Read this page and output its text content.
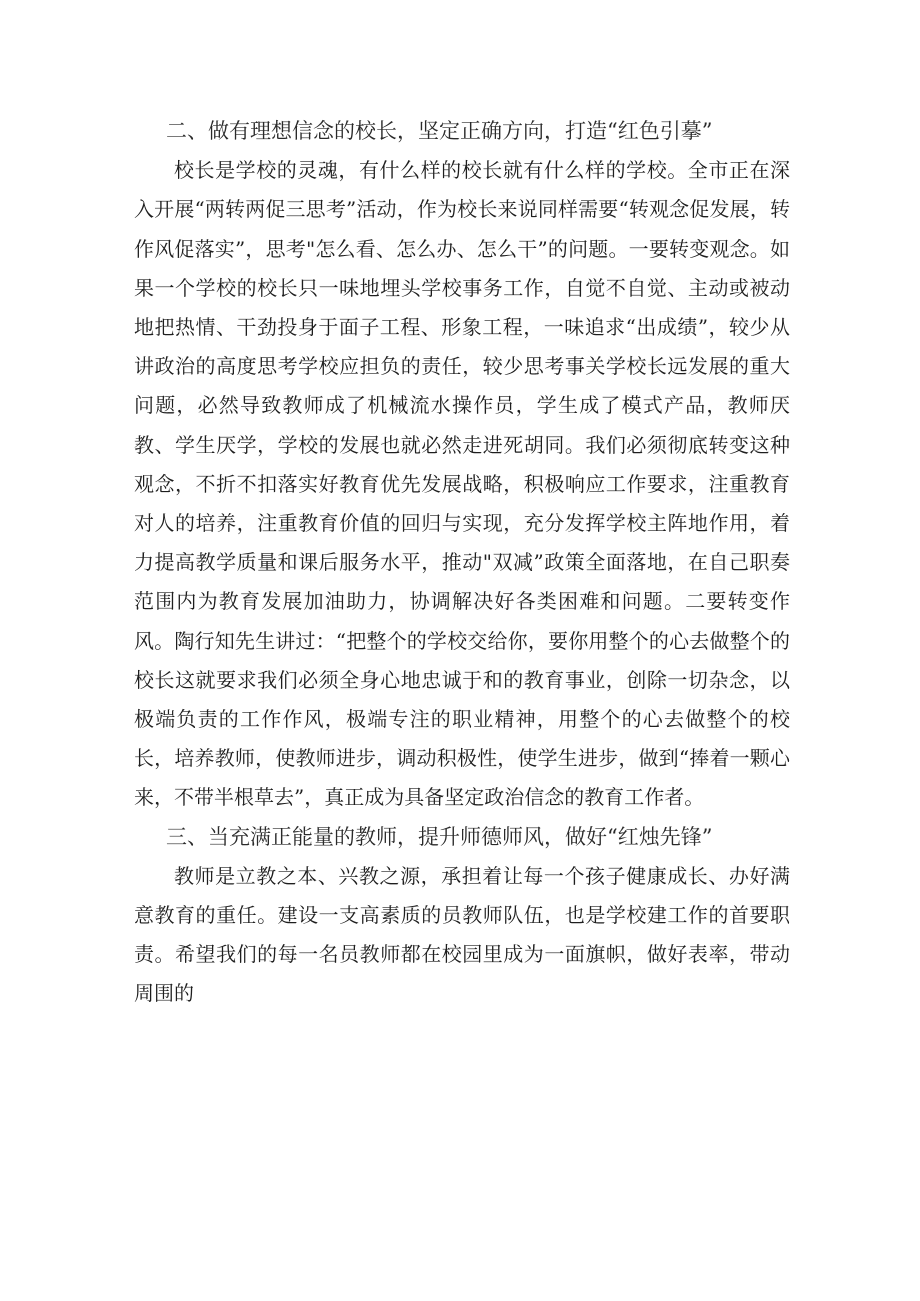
二、做有理想信念的校长，坚定正确方向，打造“红色引摹”

校长是学校的灵魂，有什么样的校长就有什么样的学校。全市正在深入开展“两转两促三思考”活动，作为校长来说同样需要“转观念促发展，转作风促落实”，思考"怎么看、怎么办、怎么干”的问题。一要转变观念。如果一个学校的校长只一味地埋头学校事务工作，自觉不自觉、主动或被动地把热情、干劲投身于面子工程、形象工程，一味追求“出成绩”，较少从讲政治的高度思考学校应担负的责任，较少思考事关学校长远发展的重大问题，必然导致教师成了机械流水操作员，学生成了模式产品，教师厌教、学生厌学，学校的发展也就必然走进死胡同。我们必须彻底转变这种观念，不折不扣落实好教育优先发展战略，积极响应工作要求，注重教育对人的培养，注重教育价值的回归与实现，充分发挥学校主阵地作用，着力提高教学质量和课后服务水平，推动"双减”政策全面落地，在自己职奏范围内为教育发展加油助力，协调解决好各类困难和问题。二要转变作风。陶行知先生讲过：“把整个的学校交给你，要你用整个的心去做整个的校长这就要求我们必须全身心地忠诚于和的教育事业，创除一切杂念，以极端负责的工作作风，极端专注的职业精神，用整个的心去做整个的校长，培养教师，使教师进步，调动积极性，使学生进步，做到“捧着一颗心来，不带半根草去”，真正成为具备坚定政治信念的教育工作者。

三、当充满正能量的教师，提升师德师风，做好“红烛先锋”

教师是立教之本、兴教之源，承担着让每一个孩子健康成长、办好满意教育的重任。建设一支高素质的员教师队伍，也是学校建工作的首要职责。希望我们的每一名员教师都在校园里成为一面旗帜，做好表率，带动周围的
